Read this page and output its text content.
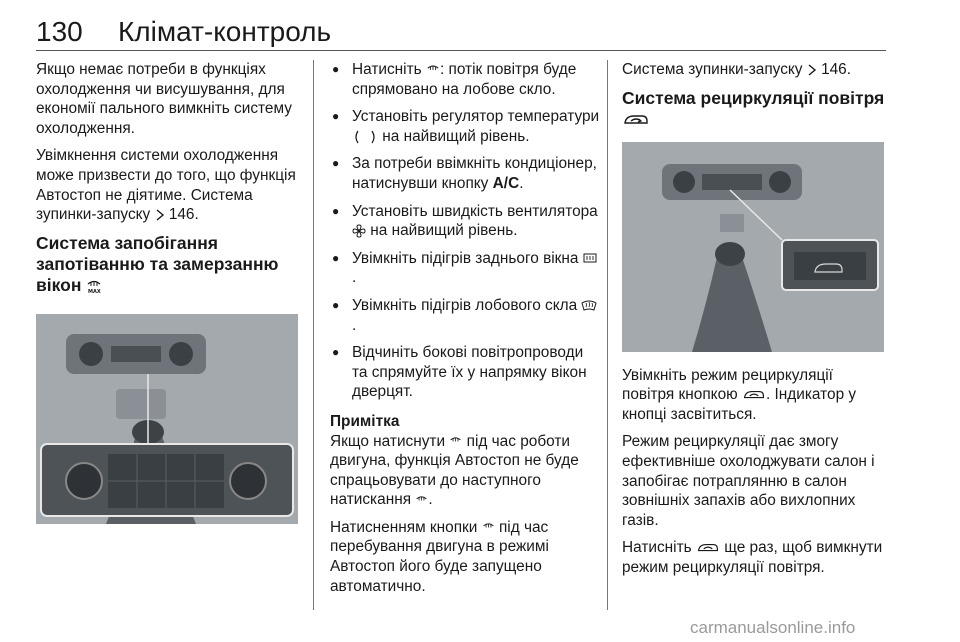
130 Клімат-контроль

Якщо немає потреби в функціях охолодження чи висушування, для економії пального вимкніть систему охолодження.

Увімкнення системи охолодження може призвести до того, що функція Автостоп не діятиме. Система зупинки-запуску 146.

Система запобігання запотіванню та замерзанню вікон MAX
● Натисніть : потік повітря буде спрямовано на лобове скло.
● Установіть регулятор температури  на найвищий рівень.
● За потреби ввімкніть кондиціонер, натиснувши кнопку A/C.
● Установіть швидкість вентилятора  на найвищий рівень.
● Увімкніть підігрів заднього вікна .
● Увімкніть підігрів лобового скла .
● Відчиніть бокові повітропроводи та спрямуйте їх у напрямку вікон дверцят.
Примітка

Якщо натиснути під час роботи двигуна, функція Автостоп не буде спрацьовувати до наступного натискання .

Натисненням кнопки під час перебування двигуна в режимі Автостоп його буде запущено автоматично.

Система зупинки-запуску 146.

Система рециркуляції повітря

Увімкніть режим рециркуляції повітря кнопкою . Індикатор у кнопці засвітиться.

Режим рециркуляції дає змогу ефективніше охолоджувати салон і запобігає потраплянню в салон зовнішніх запахів або вихлопних газів.

Натисніть ще раз, щоб вимкнути режим рециркуляції повітря.

carmanualsonline.info
